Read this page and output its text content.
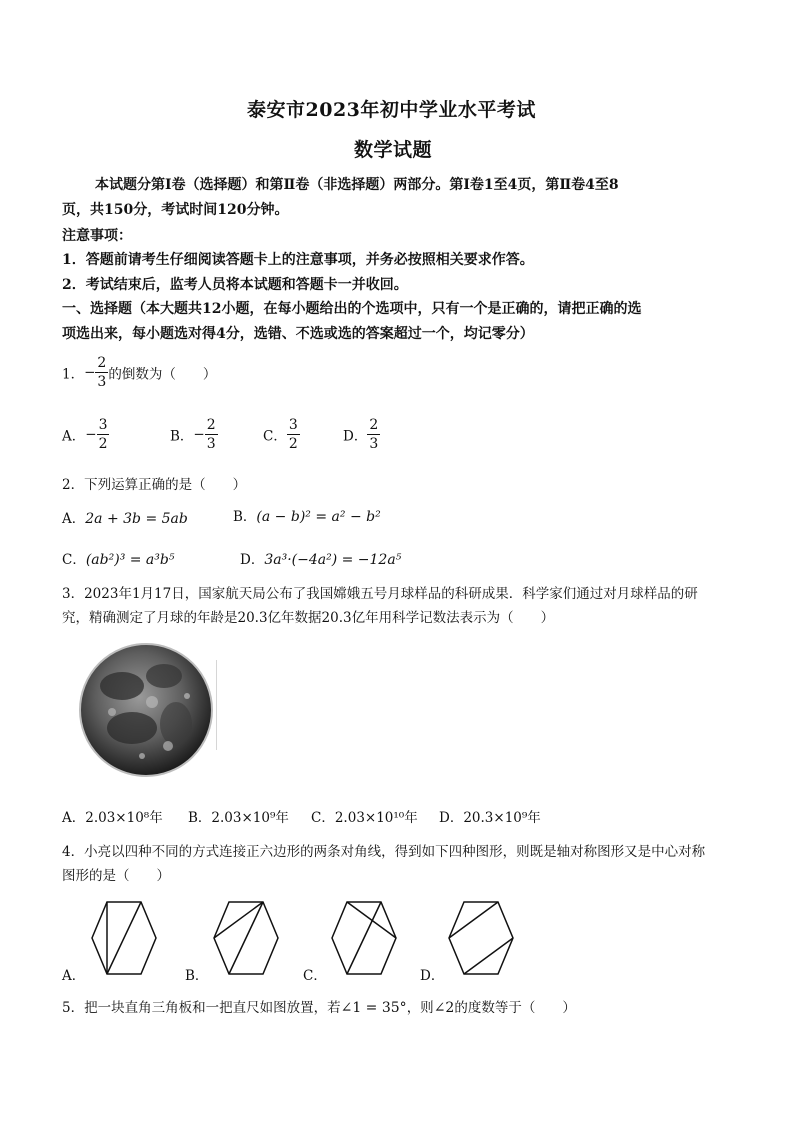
泰安市2023年初中学业水平考试
数学试题
本试题分第Ⅰ卷（选择题）和第Ⅱ卷（非选择题）两部分。第Ⅰ卷1至4页，第Ⅱ卷4至8
页，共150分，考试时间120分钟。
注意事项：
1．答题前请考生仔细阅读答题卡上的注意事项，并务必按照相关要求作答。
2．考试结束后，监考人员将本试题和答题卡一并收回。
一、选择题（本大题共12小题，在每小题给出的个选项中，只有一个是正确的，请把正确的选
项选出来，每小题选对得4分，选错、不选或选的答案超过一个，均记零分）
1．− $\frac{2}{3}$ 的倒数为（　　）
A．− $\frac{3}{2}$	B．− $\frac{2}{3}$	C． $\frac{3}{2}$	D． $\frac{2}{3}$
2．下列运算正确的是（　　）
A．2a + 3b = 5ab	B．(a − b)² = a² − b²
C．(ab²)³ = a³b⁵	D．3a³·(−4a²) = −12a⁵
3．2023年1月17日，国家航天局公布了我国嫦娥五号月球样品的科研成果．科学家们通过对月球样品的研
究，精确测定了月球的年龄是20.3亿年数据20.3亿年用科学记数法表示为（　　）
A．2.03×10⁸年 B．2.03×10⁹年 C．2.03×10¹⁰年 D．20.3×10⁹年
4．小亮以四种不同的方式连接正六边形的两条对角线，得到如下四种图形，则既是轴对称图形又是中心对称
图形的是（　　）
A．	B．	C．	D．
5．把一块直角三角板和一把直尺如图放置，若∠1 = 35°，则∠2的度数等于（　　）
